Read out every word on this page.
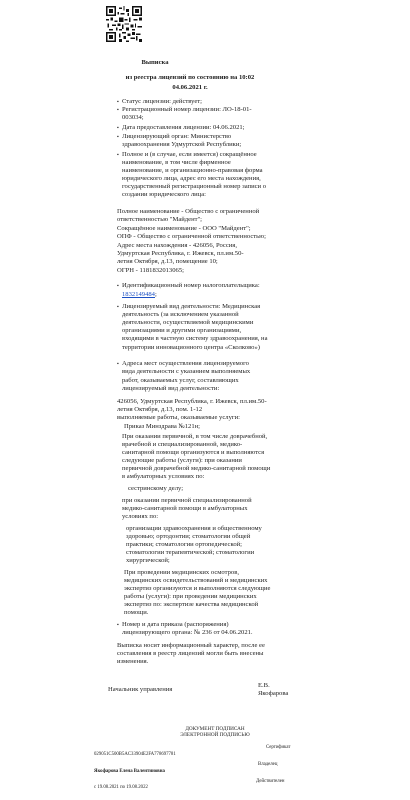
Выписка
из реестра лицензий по состоянию на 10:02
04.06.2021 г.
▪ Статус лицензии: действует;
▪ Регистрационный номер лицензии: ЛО-18-01-
003034;
▪ Дата предоставления лицензии: 04.06.2021;
▪ Лицензирующий орган: Министерство
здравоохранения Удмуртской Республики;
▪ Полное и (в случае, если имеется) сокращённое
наименование, в том числе фирменное
наименование, и организационно-правовая форма
юридического лица, адрес его места нахождения,
государственный регистрационный номер записи о
создании юридического лица:
Полное наименование - Общество с ограниченной
ответственностью "Майдент";
Сокращённое наименование - ООО "Майдент";
ОПФ - Общество с ограниченной ответственностью;
Адрес места нахождения - 426056, Россия,
Удмуртская Республика, г. Ижевск, пл.им.50-
летия Октября, д.13, помещение 10;
ОГРН - 1181832013065;
▪ Идентификационный номер налогоплательщика:
1832149484;
▪ Лицензируемый вид деятельности: Медицинская
деятельность (за исключением указанной
деятельности, осуществляемой медицинскими
организациями и другими организациями,
входящими в частную систему здравоохранения, на
территории инновационного центра «Сколково»)
▪ Адреса мест осуществления лицензируемого
вида деятельности с указанием выполняемых
работ, оказываемых услуг, составляющих
лицензируемый вид деятельности:
426056, Удмуртская Республика, г. Ижевск, пл.им.50-
летия Октября, д.13, пом. 1-12
выполняемые работы, оказываемые услуги:
Приказ Минздрава №121н;
При оказании первичной, в том числе доврачебной,
врачебной и специализированной, медико-
санитарной помощи организуются и выполняются
следующие работы (услуги): при оказании
первичной доврачебной медико-санитарной помощи
в амбулаторных условиях по:
сестринскому делу;
при оказании первичной специализированной
медико-санитарной помощи в амбулаторных
условиях по:
организации здравоохранения и общественному
здоровью; ортодонтии; стоматологии общей
практики; стоматологии ортопедической;
стоматологии терапевтической; стоматологии
хирургической;
При проведении медицинских осмотров,
медицинских освидетельствований и медицинских
экспертиз организуются и выполняются следующие
работы (услуги): при проведении медицинских
экспертиз по: экспертизе качества медицинской
помощи.
▪ Номер и дата приказа (распоряжения)
лицензирующего органа: № 236 от 04.06.2021.
Выписка носит информационный характер, после ее
составления в реестр лицензий могли быть внесены
изменения.
Начальник управления
Е.В.
Якофарова
ДОКУМЕНТ ПОДПИСАН
ЭЛЕКТРОННОЙ ПОДПИСЬЮ
Сертификат
029051C500B5AC33904E2FA778697781
Владелец
Якофарова Елена Валентиновна
Действителен
с 19.08.2021 по 19.08.2022
